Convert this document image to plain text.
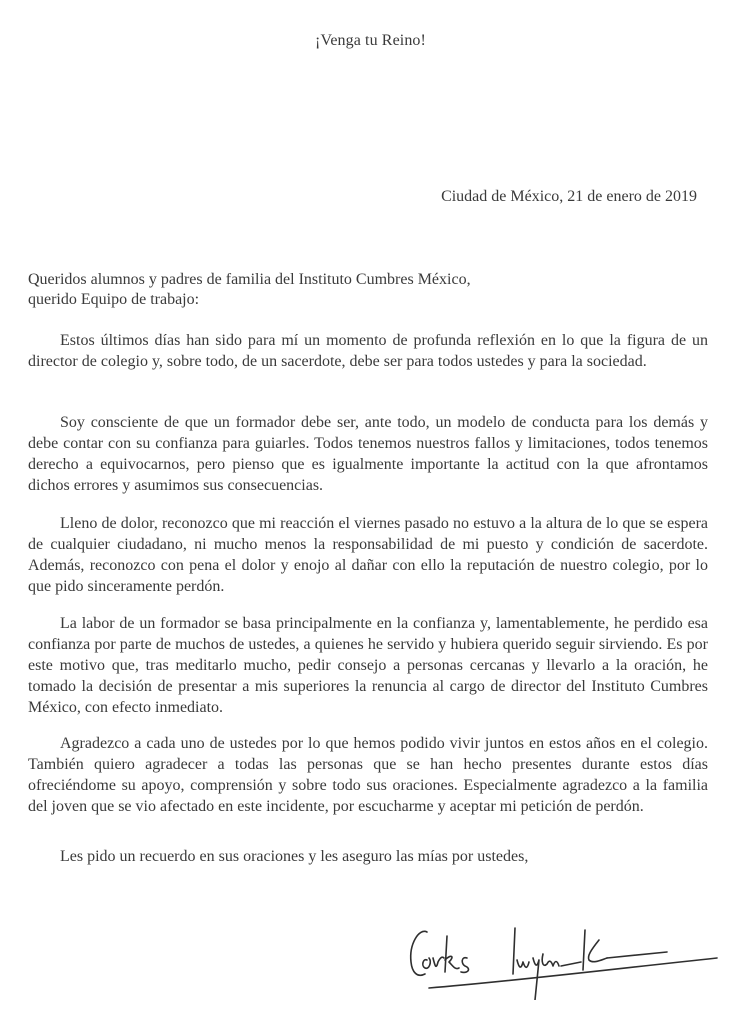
¡Venga tu Reino!
Ciudad de México, 21 de enero de 2019
Queridos alumnos y padres de familia del Instituto Cumbres México,
querido Equipo de trabajo:

Estos últimos días han sido para mí un momento de profunda reflexión en lo que la figura de un director de colegio y, sobre todo, de un sacerdote, debe ser para todos ustedes y para la sociedad.

Soy consciente de que un formador debe ser, ante todo, un modelo de conducta para los demás y debe contar con su confianza para guiarles. Todos tenemos nuestros fallos y limitaciones, todos tenemos derecho a equivocarnos, pero pienso que es igualmente importante la actitud con la que afrontamos dichos errores y asumimos sus consecuencias.

Lleno de dolor, reconozco que mi reacción el viernes pasado no estuvo a la altura de lo que se espera de cualquier ciudadano, ni mucho menos la responsabilidad de mi puesto y condición de sacerdote. Además, reconozco con pena el dolor y enojo al dañar con ello la reputación de nuestro colegio, por lo que pido sinceramente perdón.

La labor de un formador se basa principalmente en la confianza y, lamentablemente, he perdido esa confianza por parte de muchos de ustedes, a quienes he servido y hubiera querido seguir sirviendo. Es por este motivo que, tras meditarlo mucho, pedir consejo a personas cercanas y llevarlo a la oración, he tomado la decisión de presentar a mis superiores la renuncia al cargo de director del Instituto Cumbres México, con efecto inmediato.

Agradezco a cada uno de ustedes por lo que hemos podido vivir juntos en estos años en el colegio. También quiero agradecer a todas las personas que se han hecho presentes durante estos días ofreciéndome su apoyo, comprensión y sobre todo sus oraciones. Especialmente agradezco a la familia del joven que se vio afectado en este incidente, por escucharme y aceptar mi petición de perdón.

Les pido un recuerdo en sus oraciones y les aseguro las mías por ustedes,
